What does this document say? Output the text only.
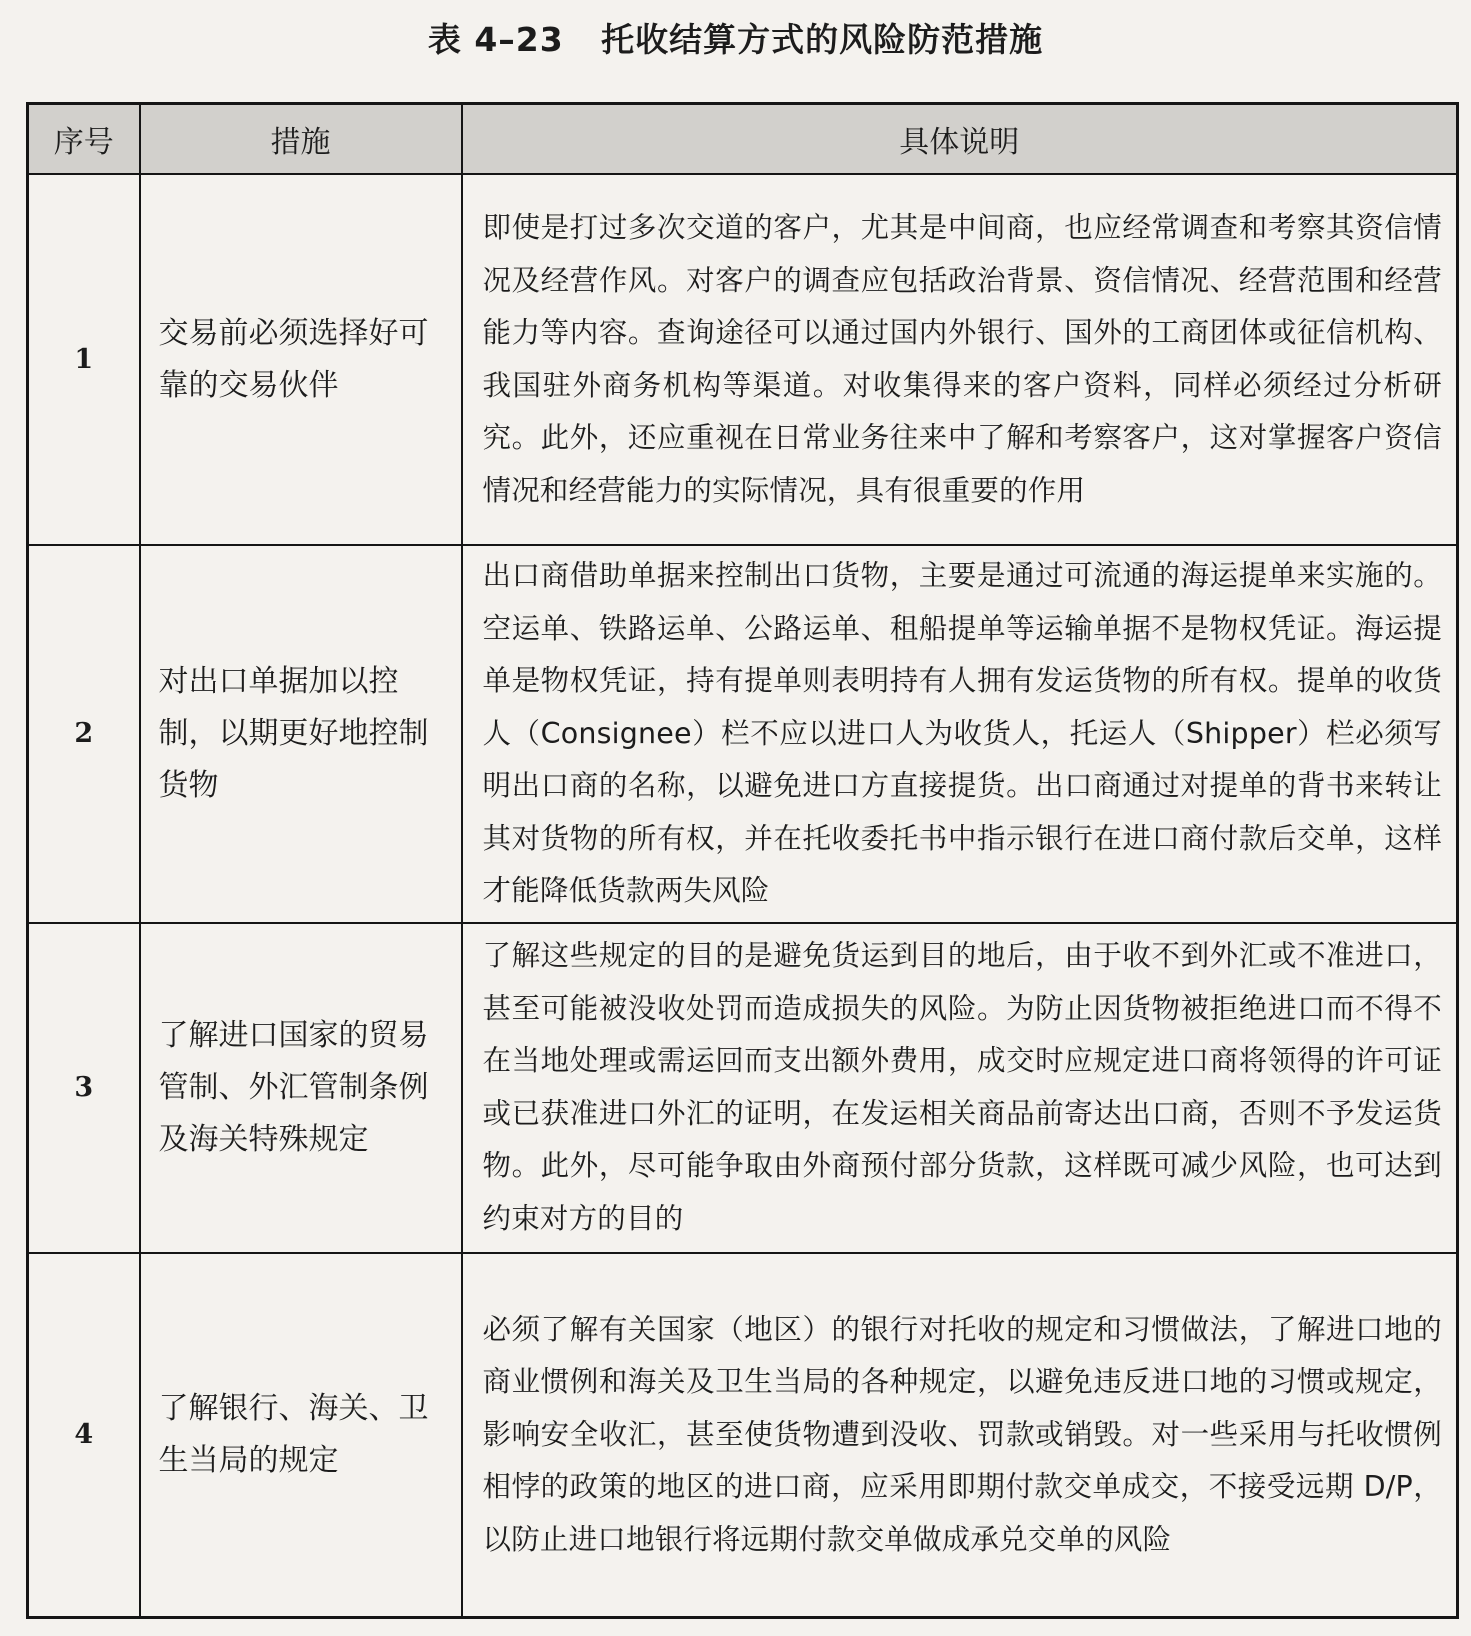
表 4–23   托收结算方式的风险防范措施
序号	措施	具体说明
1	交易前必须选择好可靠的交易伙伴	即使是打过多次交道的客户，尤其是中间商，也应经常调查和考察其资信情况及经营作风。对客户的调查应包括政治背景、资信情况、经营范围和经营能力等内容。查询途径可以通过国内外银行、国外的工商团体或征信机构、我国驻外商务机构等渠道。对收集得来的客户资料，同样必须经过分析研究。此外，还应重视在日常业务往来中了解和考察客户，这对掌握客户资信情况和经营能力的实际情况，具有很重要的作用
2	对出口单据加以控制，以期更好地控制货物	出口商借助单据来控制出口货物，主要是通过可流通的海运提单来实施的。空运单、铁路运单、公路运单、租船提单等运输单据不是物权凭证。海运提单是物权凭证，持有提单则表明持有人拥有发运货物的所有权。提单的收货人（Consignee）栏不应以进口人为收货人，托运人（Shipper）栏必须写明出口商的名称，以避免进口方直接提货。出口商通过对提单的背书来转让其对货物的所有权，并在托收委托书中指示银行在进口商付款后交单，这样才能降低货款两失风险
3	了解进口国家的贸易管制、外汇管制条例及海关特殊规定	了解这些规定的目的是避免货运到目的地后，由于收不到外汇或不准进口，甚至可能被没收处罚而造成损失的风险。为防止因货物被拒绝进口而不得不在当地处理或需运回而支出额外费用，成交时应规定进口商将领得的许可证或已获准进口外汇的证明，在发运相关商品前寄达出口商，否则不予发运货物。此外，尽可能争取由外商预付部分货款，这样既可减少风险，也可达到约束对方的目的
4	了解银行、海关、卫生当局的规定	必须了解有关国家（地区）的银行对托收的规定和习惯做法，了解进口地的商业惯例和海关及卫生当局的各种规定，以避免违反进口地的习惯或规定，影响安全收汇，甚至使货物遭到没收、罚款或销毁。对一些采用与托收惯例相悖的政策的地区的进口商，应采用即期付款交单成交，不接受远期 D/P，以防止进口地银行将远期付款交单做成承兑交单的风险
